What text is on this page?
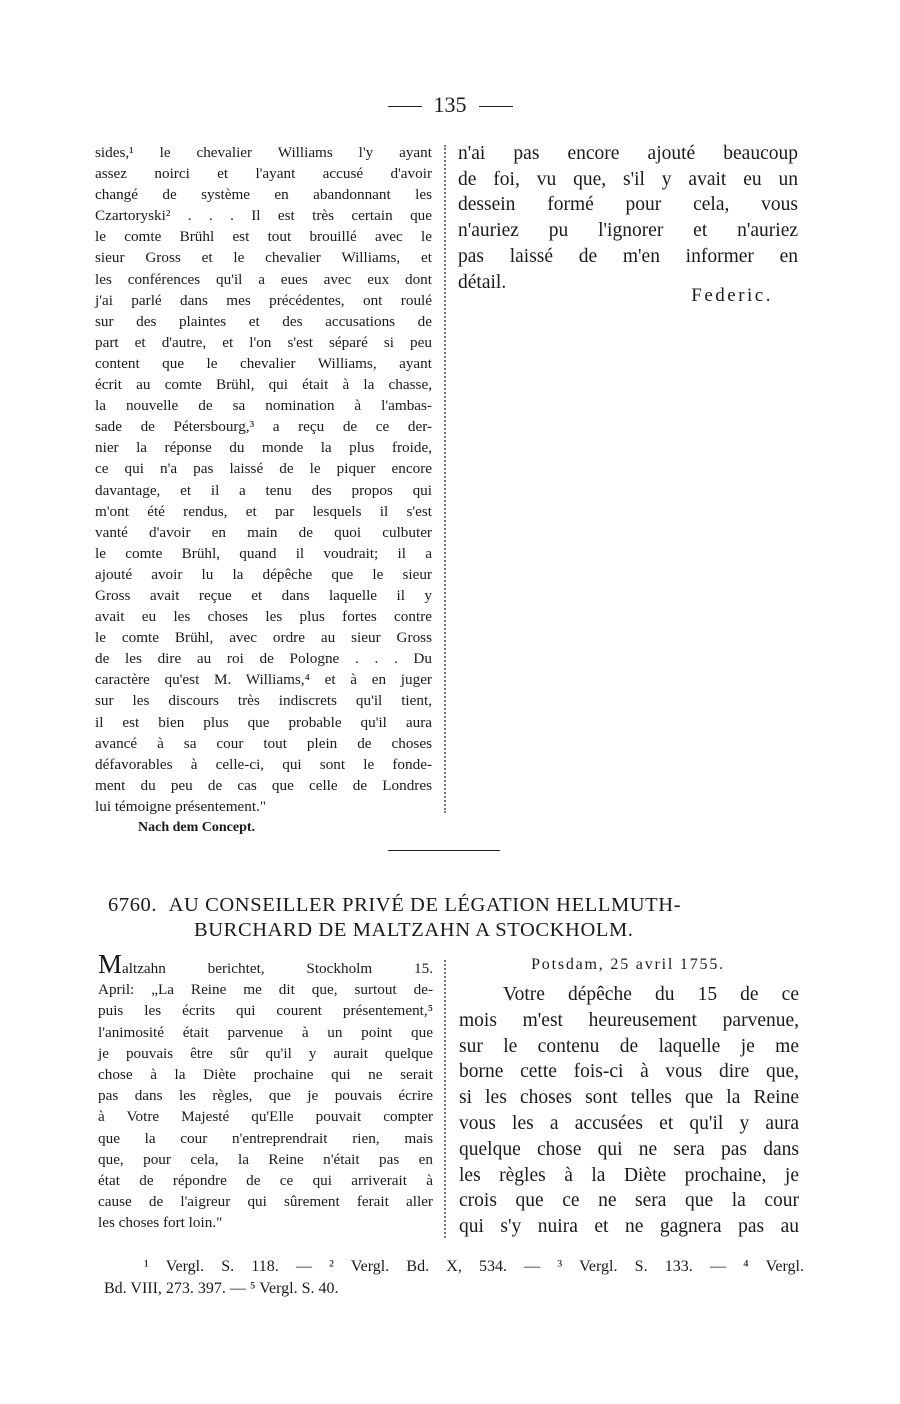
135
sides,¹ le chevalier Williams l'y ayant
assez noirci et l'ayant accusé d'avoir
changé de système en abandonnant les
Czartoryski² . . . Il est très certain que
le comte Brühl est tout brouillé avec le
sieur Gross et le chevalier Williams, et
les conférences qu'il a eues avec eux dont
j'ai parlé dans mes précédentes, ont roulé
sur des plaintes et des accusations de
part et d'autre, et l'on s'est séparé si peu
content que le chevalier Williams, ayant
écrit au comte Brühl, qui était à la chasse,
la nouvelle de sa nomination à l'ambas-
sade de Pétersbourg,³ a reçu de ce der-
nier la réponse du monde la plus froide,
ce qui n'a pas laissé de le piquer encore
davantage, et il a tenu des propos qui
m'ont été rendus, et par lesquels il s'est
vanté d'avoir en main de quoi culbuter
le comte Brühl, quand il voudrait; il a
ajouté avoir lu la dépêche que le sieur
Gross avait reçue et dans laquelle il y
avait eu les choses les plus fortes contre
le comte Brühl, avec ordre au sieur Gross
de les dire au roi de Pologne . . . Du
caractère qu'est M. Williams,⁴ et à en juger
sur les discours très indiscrets qu'il tient,
il est bien plus que probable qu'il aura
avancé à sa cour tout plein de choses
défavorables à celle-ci, qui sont le fonde-
ment du peu de cas que celle de Londres
lui témoigne présentement."
n'ai pas encore ajouté beaucoup
de foi, vu que, s'il y avait eu un
dessein formé pour cela, vous
n'auriez pu l'ignorer et n'auriez
pas laissé de m'en informer en
détail.
Federic.
Nach dem Concept.
6760. AU CONSEILLER PRIVÉ DE LÉGATION HELLMUTH-
BURCHARD DE MALTZAHN A STOCKHOLM.
Maltzahn berichtet, Stockholm 15.
April: „La Reine me dit que, surtout de-
puis les écrits qui courent présentement,⁵
l'animosité était parvenue à un point que
je pouvais être sûr qu'il y aurait quelque
chose à la Diète prochaine qui ne serait
pas dans les règles, que je pouvais écrire
à Votre Majesté qu'Elle pouvait compter
que la cour n'entreprendrait rien, mais
que, pour cela, la Reine n'était pas en
état de répondre de ce qui arriverait à
cause de l'aigreur qui sûrement ferait aller
les choses fort loin."
Potsdam, 25 avril 1755.
Votre dépêche du 15 de ce
mois m'est heureusement parvenue,
sur le contenu de laquelle je me
borne cette fois-ci à vous dire que,
si les choses sont telles que la Reine
vous les a accusées et qu'il y aura
quelque chose qui ne sera pas dans
les règles à la Diète prochaine, je
crois que ce ne sera que la cour
qui s'y nuira et ne gagnera pas au
¹ Vergl. S. 118. — ² Vergl. Bd. X, 534. — ³ Vergl. S. 133. — ⁴ Vergl.
Bd. VIII, 273. 397. — ⁵ Vergl. S. 40.
